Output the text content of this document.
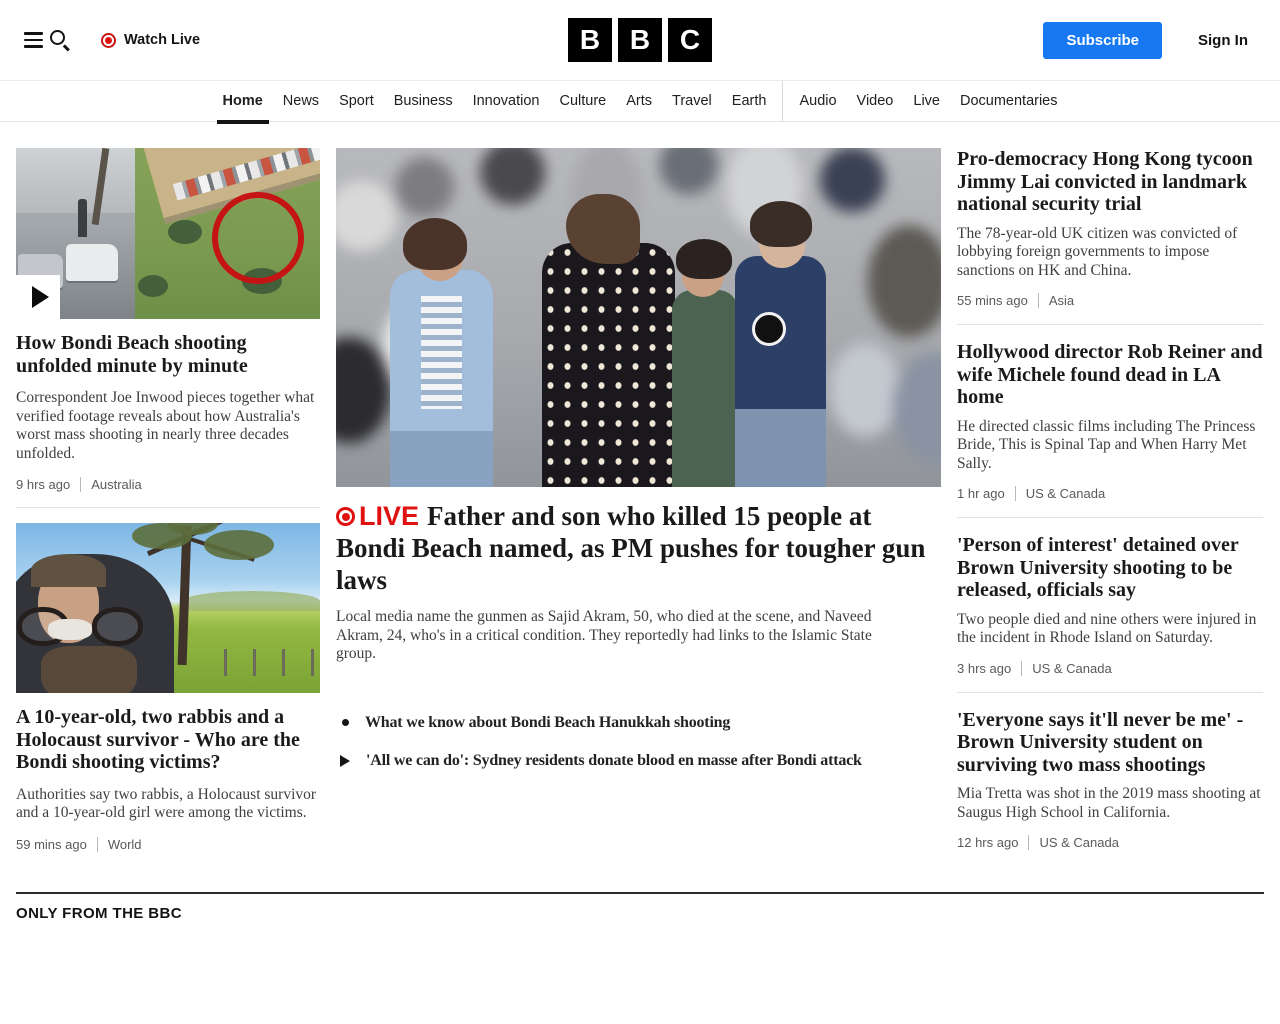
Watch Live	B	B	C	Subscribe	Sign In
Home	News	Sport	Business	Innovation	Culture	Arts	Travel	Earth	Audio	Video	Live	Documentaries
How Bondi Beach shooting unfolded minute by minute
Correspondent Joe Inwood pieces together what verified footage reveals about how Australia's worst mass shooting in nearly three decades unfolded.
9 hrs ago Australia
A 10-year-old, two rabbis and a Holocaust survivor - Who are the Bondi shooting victims?
Authorities say two rabbis, a Holocaust survivor and a 10-year-old girl were among the victims.
59 mins ago World
LIVE Father and son who killed 15 people at Bondi Beach named, as PM pushes for tougher gun laws
Local media name the gunmen as Sajid Akram, 50, who died at the scene, and Naveed Akram, 24, who's in a critical condition. They reportedly had links to the Islamic State group.
What we know about Bondi Beach Hanukkah shooting
'All we can do': Sydney residents donate blood en masse after Bondi attack
Pro-democracy Hong Kong tycoon Jimmy Lai convicted in landmark national security trial
The 78-year-old UK citizen was convicted of lobbying foreign governments to impose sanctions on HK and China.
55 mins ago Asia
Hollywood director Rob Reiner and wife Michele found dead in LA home
He directed classic films including The Princess Bride, This is Spinal Tap and When Harry Met Sally.
1 hr ago US & Canada
'Person of interest' detained over Brown University shooting to be released, officials say
Two people died and nine others were injured in the incident in Rhode Island on Saturday.
3 hrs ago US & Canada
'Everyone says it'll never be me' - Brown University student on surviving two mass shootings
Mia Tretta was shot in the 2019 mass shooting at Saugus High School in California.
12 hrs ago US & Canada
ONLY FROM THE BBC
